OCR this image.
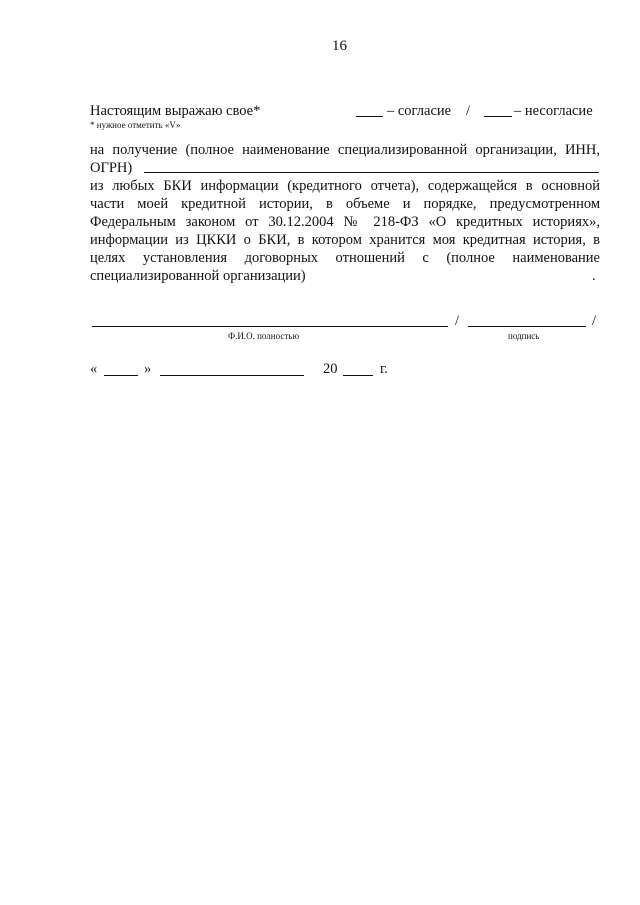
16
Настоящим выражаю свое*	– согласие /	– несогласие
* нужное отметить «V»
на получение (полное наименование специализированной организации, ИНН,
ОГРН)
из любых БКИ информации (кредитного отчета), содержащейся в основной
части моей кредитной истории, в объеме и порядке, предусмотренном
Федеральным законом от 30.12.2004 № 218-ФЗ «О кредитных историях»,
информации из ЦККИ о БКИ, в котором хранится моя кредитная история, в
целях установления договорных отношений с (полное наименование
специализированной организации)	.
/	/
Ф.И.О. полностью	подпись
«	»	20	г.
